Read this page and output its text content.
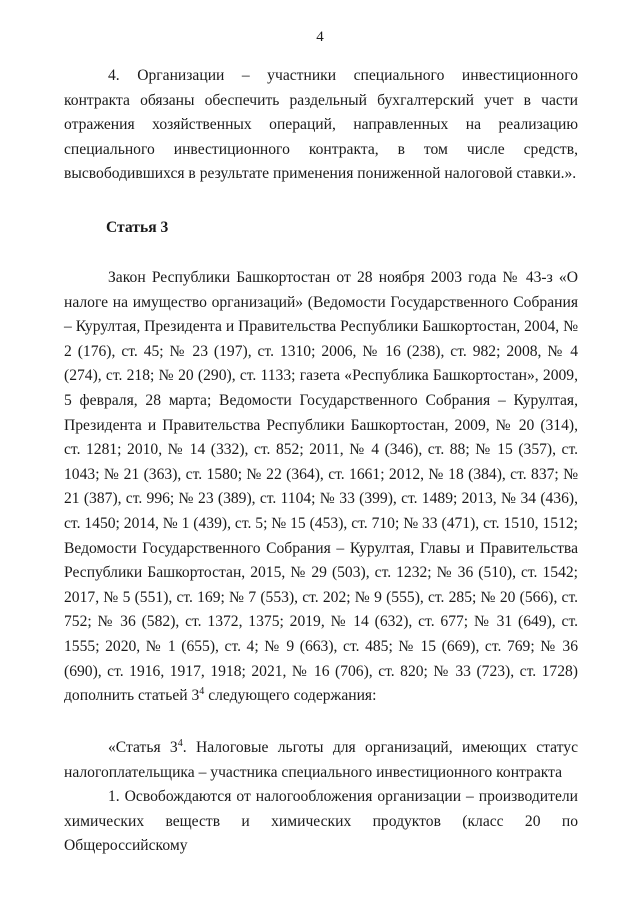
4

4. Организации – участники специального инвестиционного контракта обязаны обеспечить раздельный бухгалтерский учет в части отражения хозяйственных операций, направленных на реализацию специального инвестиционного контракта, в том числе средств, высвободившихся в результате применения пониженной налоговой ставки.».

Статья 3

Закон Республики Башкортостан от 28 ноября 2003 года № 43-з «О налоге на имущество организаций» (Ведомости Государственного Собрания – Курултая, Президента и Правительства Республики Башкортостан, 2004, № 2 (176), ст. 45; № 23 (197), ст. 1310; 2006, № 16 (238), ст. 982; 2008, № 4 (274), ст. 218; № 20 (290), ст. 1133; газета «Республика Башкортостан», 2009, 5 февраля, 28 марта; Ведомости Государственного Собрания – Курултая, Президента и Правительства Республики Башкортостан, 2009, № 20 (314), ст. 1281; 2010, № 14 (332), ст. 852; 2011, № 4 (346), ст. 88; № 15 (357), ст. 1043; № 21 (363), ст. 1580; № 22 (364), ст. 1661; 2012, № 18 (384), ст. 837; № 21 (387), ст. 996; № 23 (389), ст. 1104; № 33 (399), ст. 1489; 2013, № 34 (436), ст. 1450; 2014, № 1 (439), ст. 5; № 15 (453), ст. 710; № 33 (471), ст. 1510, 1512; Ведомости Государственного Собрания – Курултая, Главы и Правительства Республики Башкортостан, 2015, № 29 (503), ст. 1232; № 36 (510), ст. 1542; 2017, № 5 (551), ст. 169; № 7 (553), ст. 202; № 9 (555), ст. 285; № 20 (566), ст. 752; № 36 (582), ст. 1372, 1375; 2019, № 14 (632), ст. 677; № 31 (649), ст. 1555; 2020, № 1 (655), ст. 4; № 9 (663), ст. 485; № 15 (669), ст. 769; № 36 (690), ст. 1916, 1917, 1918; 2021, № 16 (706), ст. 820; № 33 (723), ст. 1728) дополнить статьей $3^4$ следующего содержания:

«Статья $3^4$. Налоговые льготы для организаций, имеющих статус налогоплательщика – участника специального инвестиционного контракта

1. Освобождаются от налогообложения организации – производители химических веществ и химических продуктов (класс 20 по Общероссийскому
